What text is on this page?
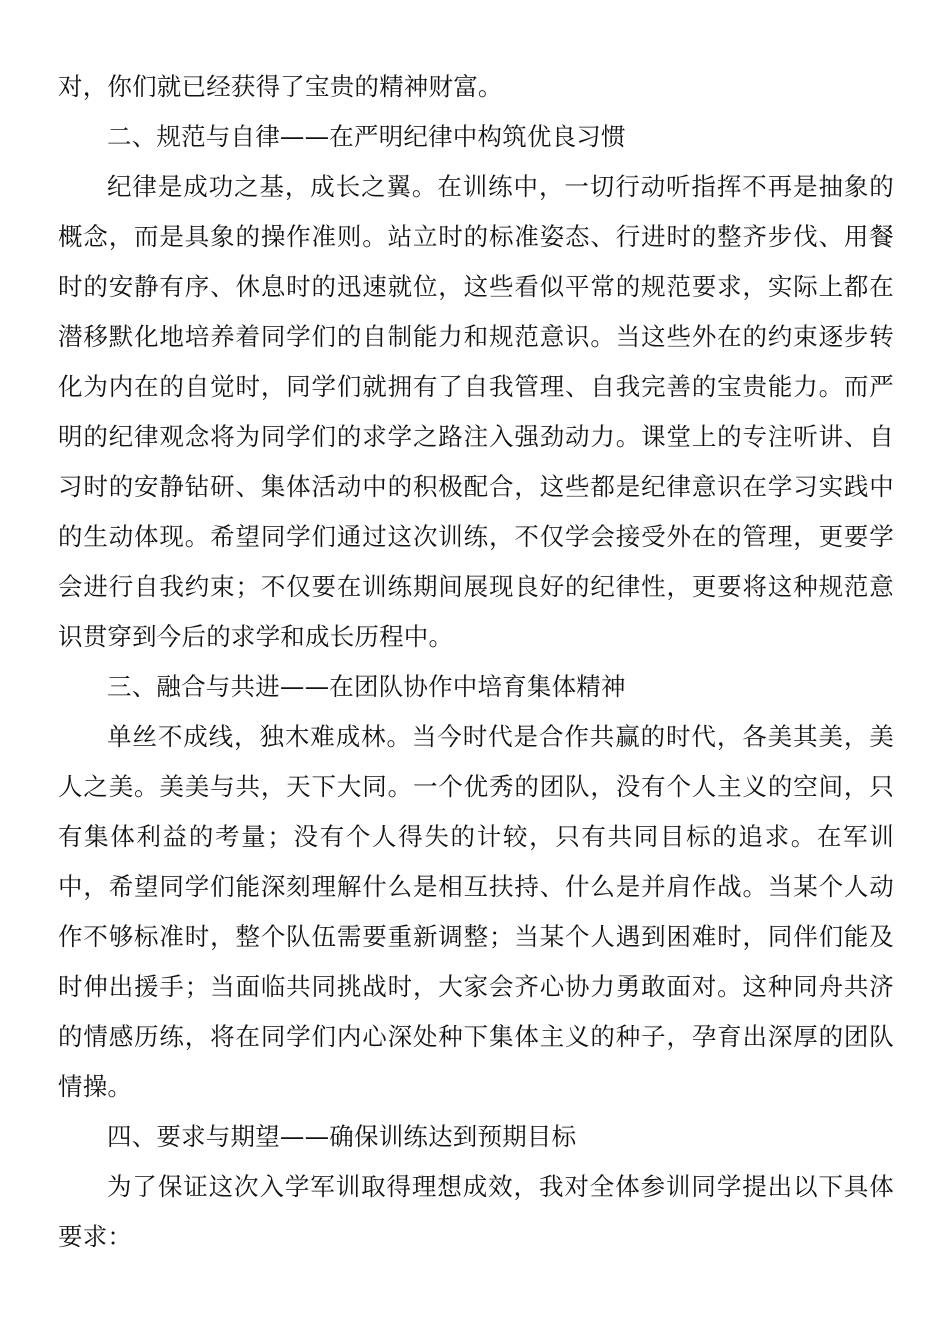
对，你们就已经获得了宝贵的精神财富。

二、规范与自律——在严明纪律中构筑优良习惯

纪律是成功之基，成长之翼。在训练中，一切行动听指挥不再是抽象的概念，而是具象的操作准则。站立时的标准姿态、行进时的整齐步伐、用餐时的安静有序、休息时的迅速就位，这些看似平常的规范要求，实际上都在潜移默化地培养着同学们的自制能力和规范意识。当这些外在的约束逐步转化为内在的自觉时，同学们就拥有了自我管理、自我完善的宝贵能力。而严明的纪律观念将为同学们的求学之路注入强劲动力。课堂上的专注听讲、自习时的安静钻研、集体活动中的积极配合，这些都是纪律意识在学习实践中的生动体现。希望同学们通过这次训练，不仅学会接受外在的管理，更要学会进行自我约束；不仅要在训练期间展现良好的纪律性，更要将这种规范意识贯穿到今后的求学和成长历程中。

三、融合与共进——在团队协作中培育集体精神

单丝不成线，独木难成林。当今时代是合作共赢的时代，各美其美，美人之美。美美与共，天下大同。一个优秀的团队，没有个人主义的空间，只有集体利益的考量；没有个人得失的计较，只有共同目标的追求。在军训中，希望同学们能深刻理解什么是相互扶持、什么是并肩作战。当某个人动作不够标准时，整个队伍需要重新调整；当某个人遇到困难时，同伴们能及时伸出援手；当面临共同挑战时，大家会齐心协力勇敢面对。这种同舟共济的情感历练，将在同学们内心深处种下集体主义的种子，孕育出深厚的团队情操。

四、要求与期望——确保训练达到预期目标

为了保证这次入学军训取得理想成效，我对全体参训同学提出以下具体要求：
